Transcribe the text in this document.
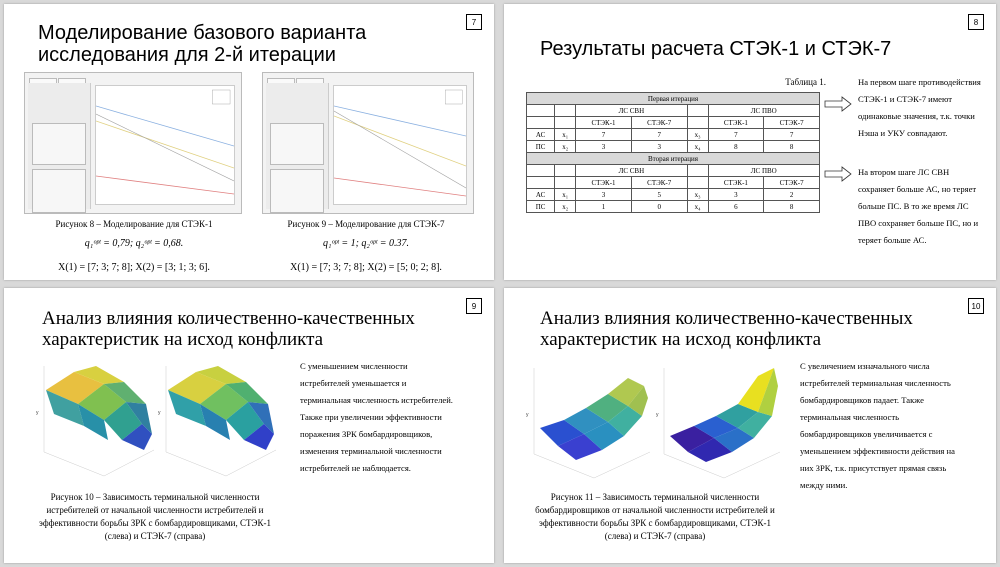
7
Моделирование базового варианта
исследования для 2-й итерации
Рисунок 8 – Моделирование для СТЭК-1
q₁ᵒᵖᵗ = 0,79; q₂ᵒᵖᵗ = 0,68.
X(1) = [7; 3; 7; 8]; X(2) = [3; 1; 3; 6].
Рисунок 9 – Моделирование для СТЭК-7
q₁ᵒᵖᵗ = 1; q₂ᵒᵖᵗ = 0.37.
X(1) = [7; 3; 7; 8]; X(2) = [5; 0; 2; 8].
8
Результаты расчета СТЭК-1 и СТЭК-7
Таблица 1.
Первая итерация						
		ЛС СВН			ЛС ПВО	
		СТЭК-1	СТЭК-7		СТЭК-1	СТЭК-7
АС	x₁	7	7	x₃	7	7
ПС	x₂	3	3	x₄	8	8
Вторая итерация						
		ЛС СВН			ЛС ПВО	
		СТЭК-1	СТЭК-7		СТЭК-1	СТЭК-7
АС	x₁	3	5	x₃	3	2
ПС	x₂	1	0	x₄	6	8
На первом шаге противодействия СТЭК-1 и СТЭК-7 имеют одинаковые значения, т.к. точки Нэша и УКУ совпадают.
На втором шаге ЛС СВН сохраняет больше АС, но теряет больше ПС. В то же время ЛС ПВО сохраняет больше ПС, но и теряет больше АС.
9
Анализ влияния количественно-качественных
характеристик на исход конфликта
y	y
С уменьшением численности истребителей уменьшается и терминальная численность истребителей. Также при увеличении эффективности поражения ЗРК бомбардировщиков, изменения терминальной численности истребителей не наблюдается.
Рисунок 10 – Зависимость терминальной численности истребителей от начальной численности истребителей и эффективности борьбы ЗРК с бомбардировщиками, СТЭК-1 (слева) и СТЭК-7 (справа)
10
Анализ влияния количественно-качественных
характеристик на исход конфликта
y	y
С увеличением изначального числа истребителей терминальная численность бомбардировщиков падает. Также терминальная численность бомбардировщиков увеличивается с уменьшением эффективности действия на них ЗРК, т.к. присутствует прямая связь между ними.
Рисунок 11 – Зависимость терминальной численности бомбардировщиков от начальной численности истребителей и эффективности борьбы ЗРК с бомбардировщиками, СТЭК-1 (слева) и СТЭК-7 (справа)
